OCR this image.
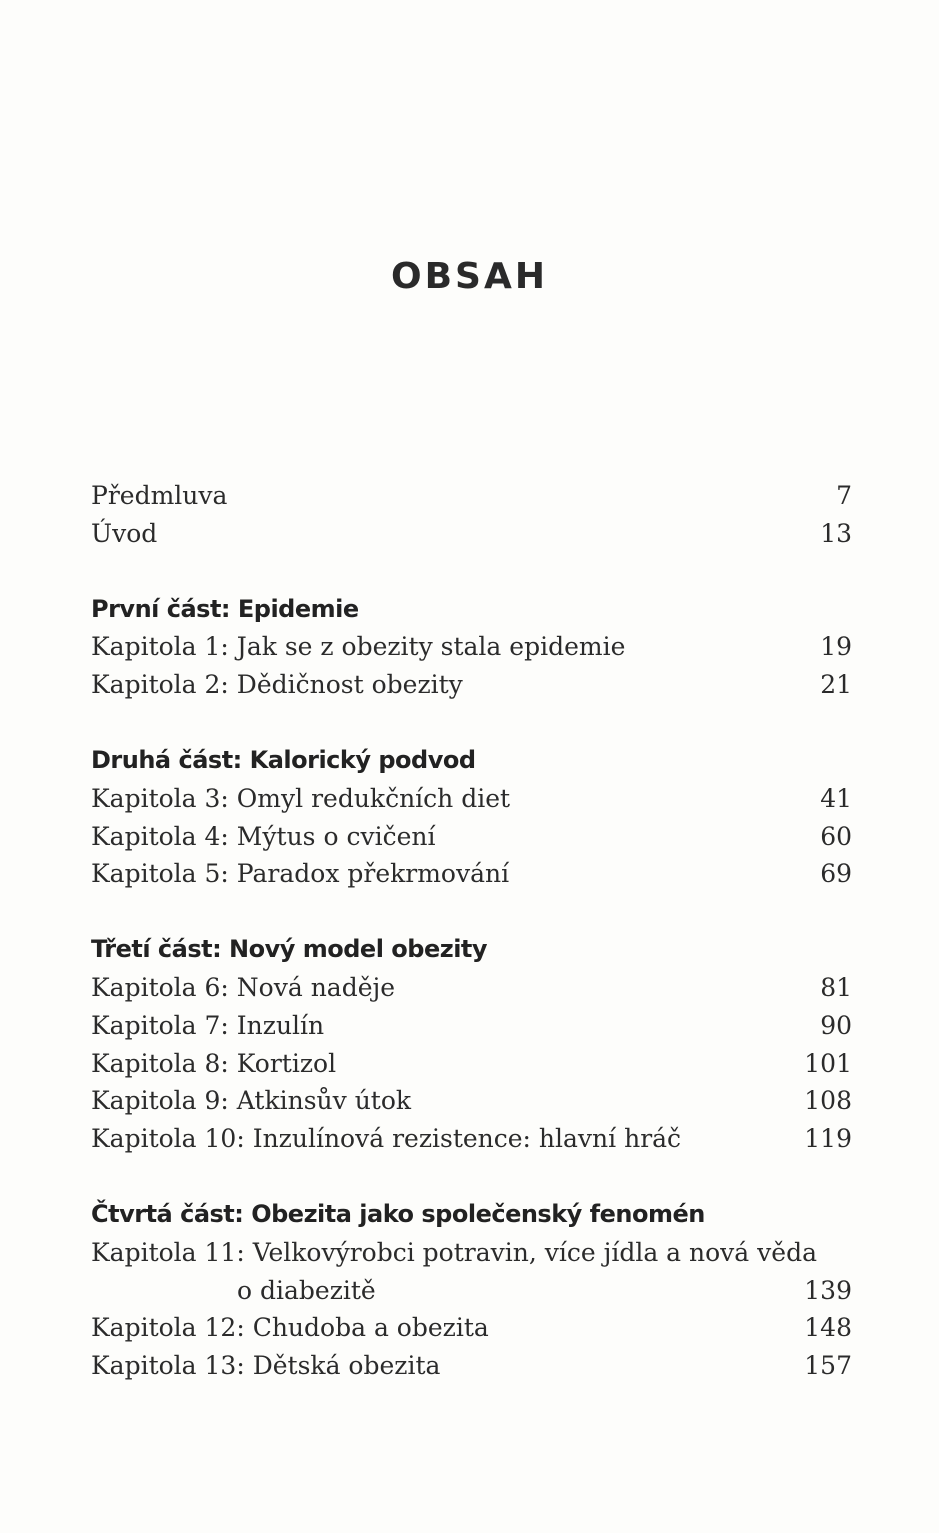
OBSAH
Předmluva	7
Úvod	13
První část: Epidemie
Kapitola 1: Jak se z obezity stala epidemie	19
Kapitola 2: Dědičnost obezity	21
Druhá část: Kalorický podvod
Kapitola 3: Omyl redukčních diet	41
Kapitola 4: Mýtus o cvičení	60
Kapitola 5: Paradox překrmování	69
Třetí část: Nový model obezity
Kapitola 6: Nová naděje	81
Kapitola 7: Inzulín	90
Kapitola 8: Kortizol	101
Kapitola 9: Atkinsův útok	108
Kapitola 10: Inzulínová rezistence: hlavní hráč	119
Čtvrtá část: Obezita jako společenský fenomén
Kapitola 11: Velkovýrobci potravin, více jídla a nová věda
o diabezitě	139
Kapitola 12: Chudoba a obezita	148
Kapitola 13: Dětská obezita	157
